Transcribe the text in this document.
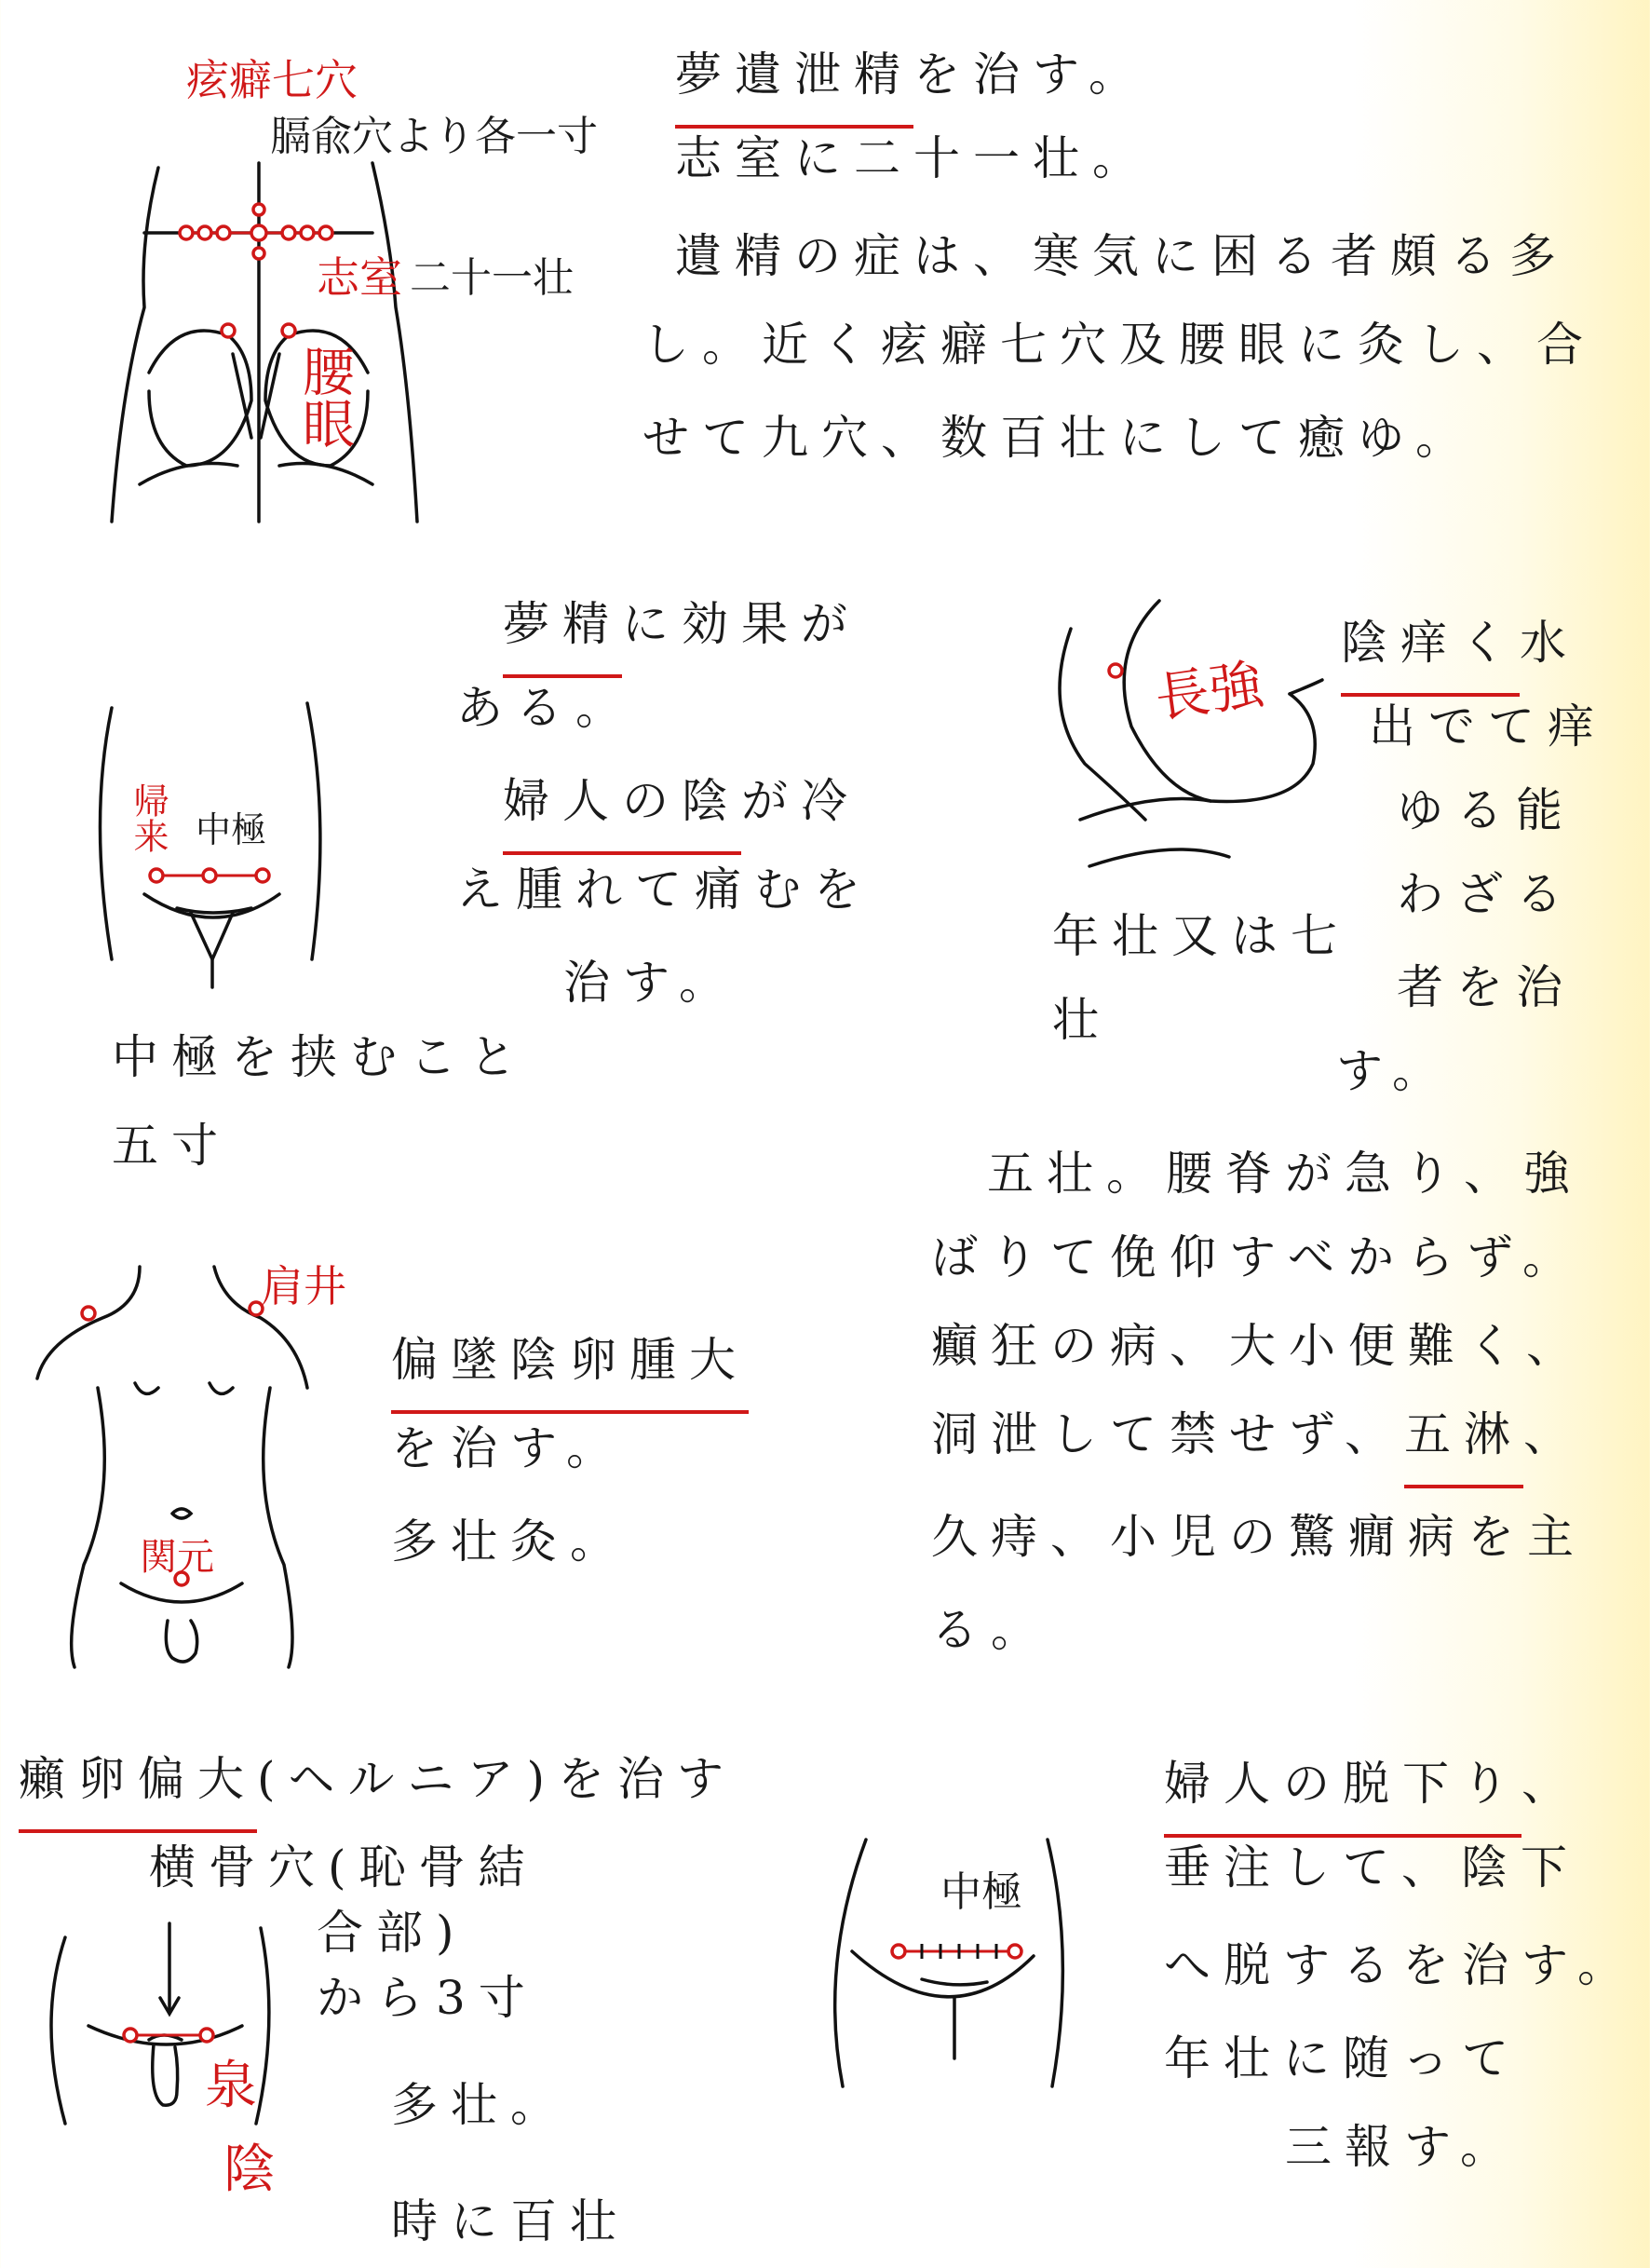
痃癖七穴
膈兪穴より各一寸
志室 二十一壮
腰眼
夢遺泄精を治す。
志室に二十一壮。
遺精の症は、寒気に困る者頗る多
し。近く痃癖七穴及腰眼に灸し、合
せて九穴、数百壮にして癒ゆ。
帰来 中極
夢精に効果が
ある。
婦人の陰が冷
え腫れて痛むを
治す。
中極を挟むこと
五寸
長強
陰痒く水
出でて痒
ゆる能
わざる
者を治
す。
年壮又は七
壮
五壮。腰脊が急り、強
ばりて俛仰すべからず。
癲狂の病、大小便難く、
洞泄して禁せず、五淋、
久痔、小児の驚癇病を主
る。
肩井
関元
偏墜陰卵腫大
を治す。
多壮灸。
癩卵偏大(ヘルニア)を治す
横骨穴(恥骨結
合部)
から3寸
多壮。
時に百壮
泉
陰
中極
婦人の脱下り、
垂注して、陰下
へ脱するを治す。
年壮に随って
三報す。
